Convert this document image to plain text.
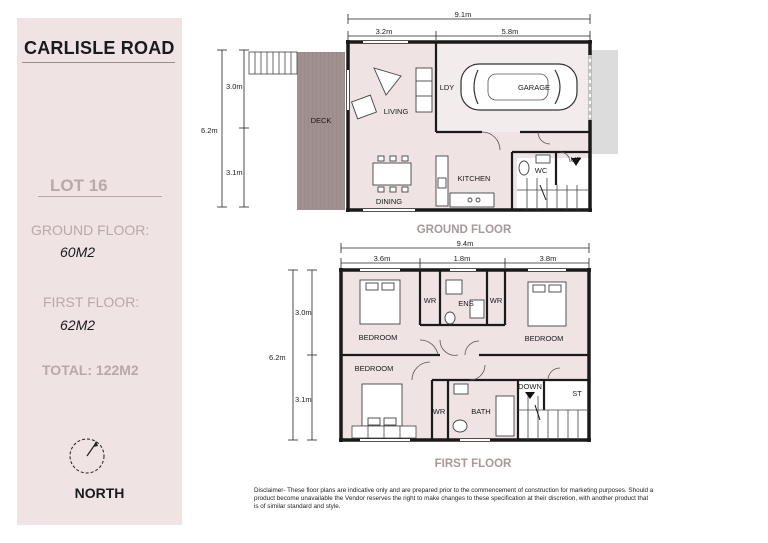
CARLISLE ROAD
LOT 16
GROUND FLOOR:
60M2
FIRST FLOOR:
62M2
TOTAL: 122M2
NORTH
9.1m
3.2m	5.8m
6.2m
3.0m
3.1m
DECK
LIVING
DINING
KITCHEN
LDY	GARAGE
WC
UP
GROUND FLOOR
9.4m
3.6m	1.8m	3.8m
6.2m
3.0m
3.1m
BEDROOM	BEDROOM
BEDROOM
WR	WR
WR
ENS
BATH
DOWN
ST
FIRST FLOOR
Disclaimer- These floor plans are indicative only and are prepared prior to the commencement of construction for marketing purposes. Should a product become unavailable the Vendor reserves the right to make changes to these specification at their discretion, with another product that is of similar standard and style.
